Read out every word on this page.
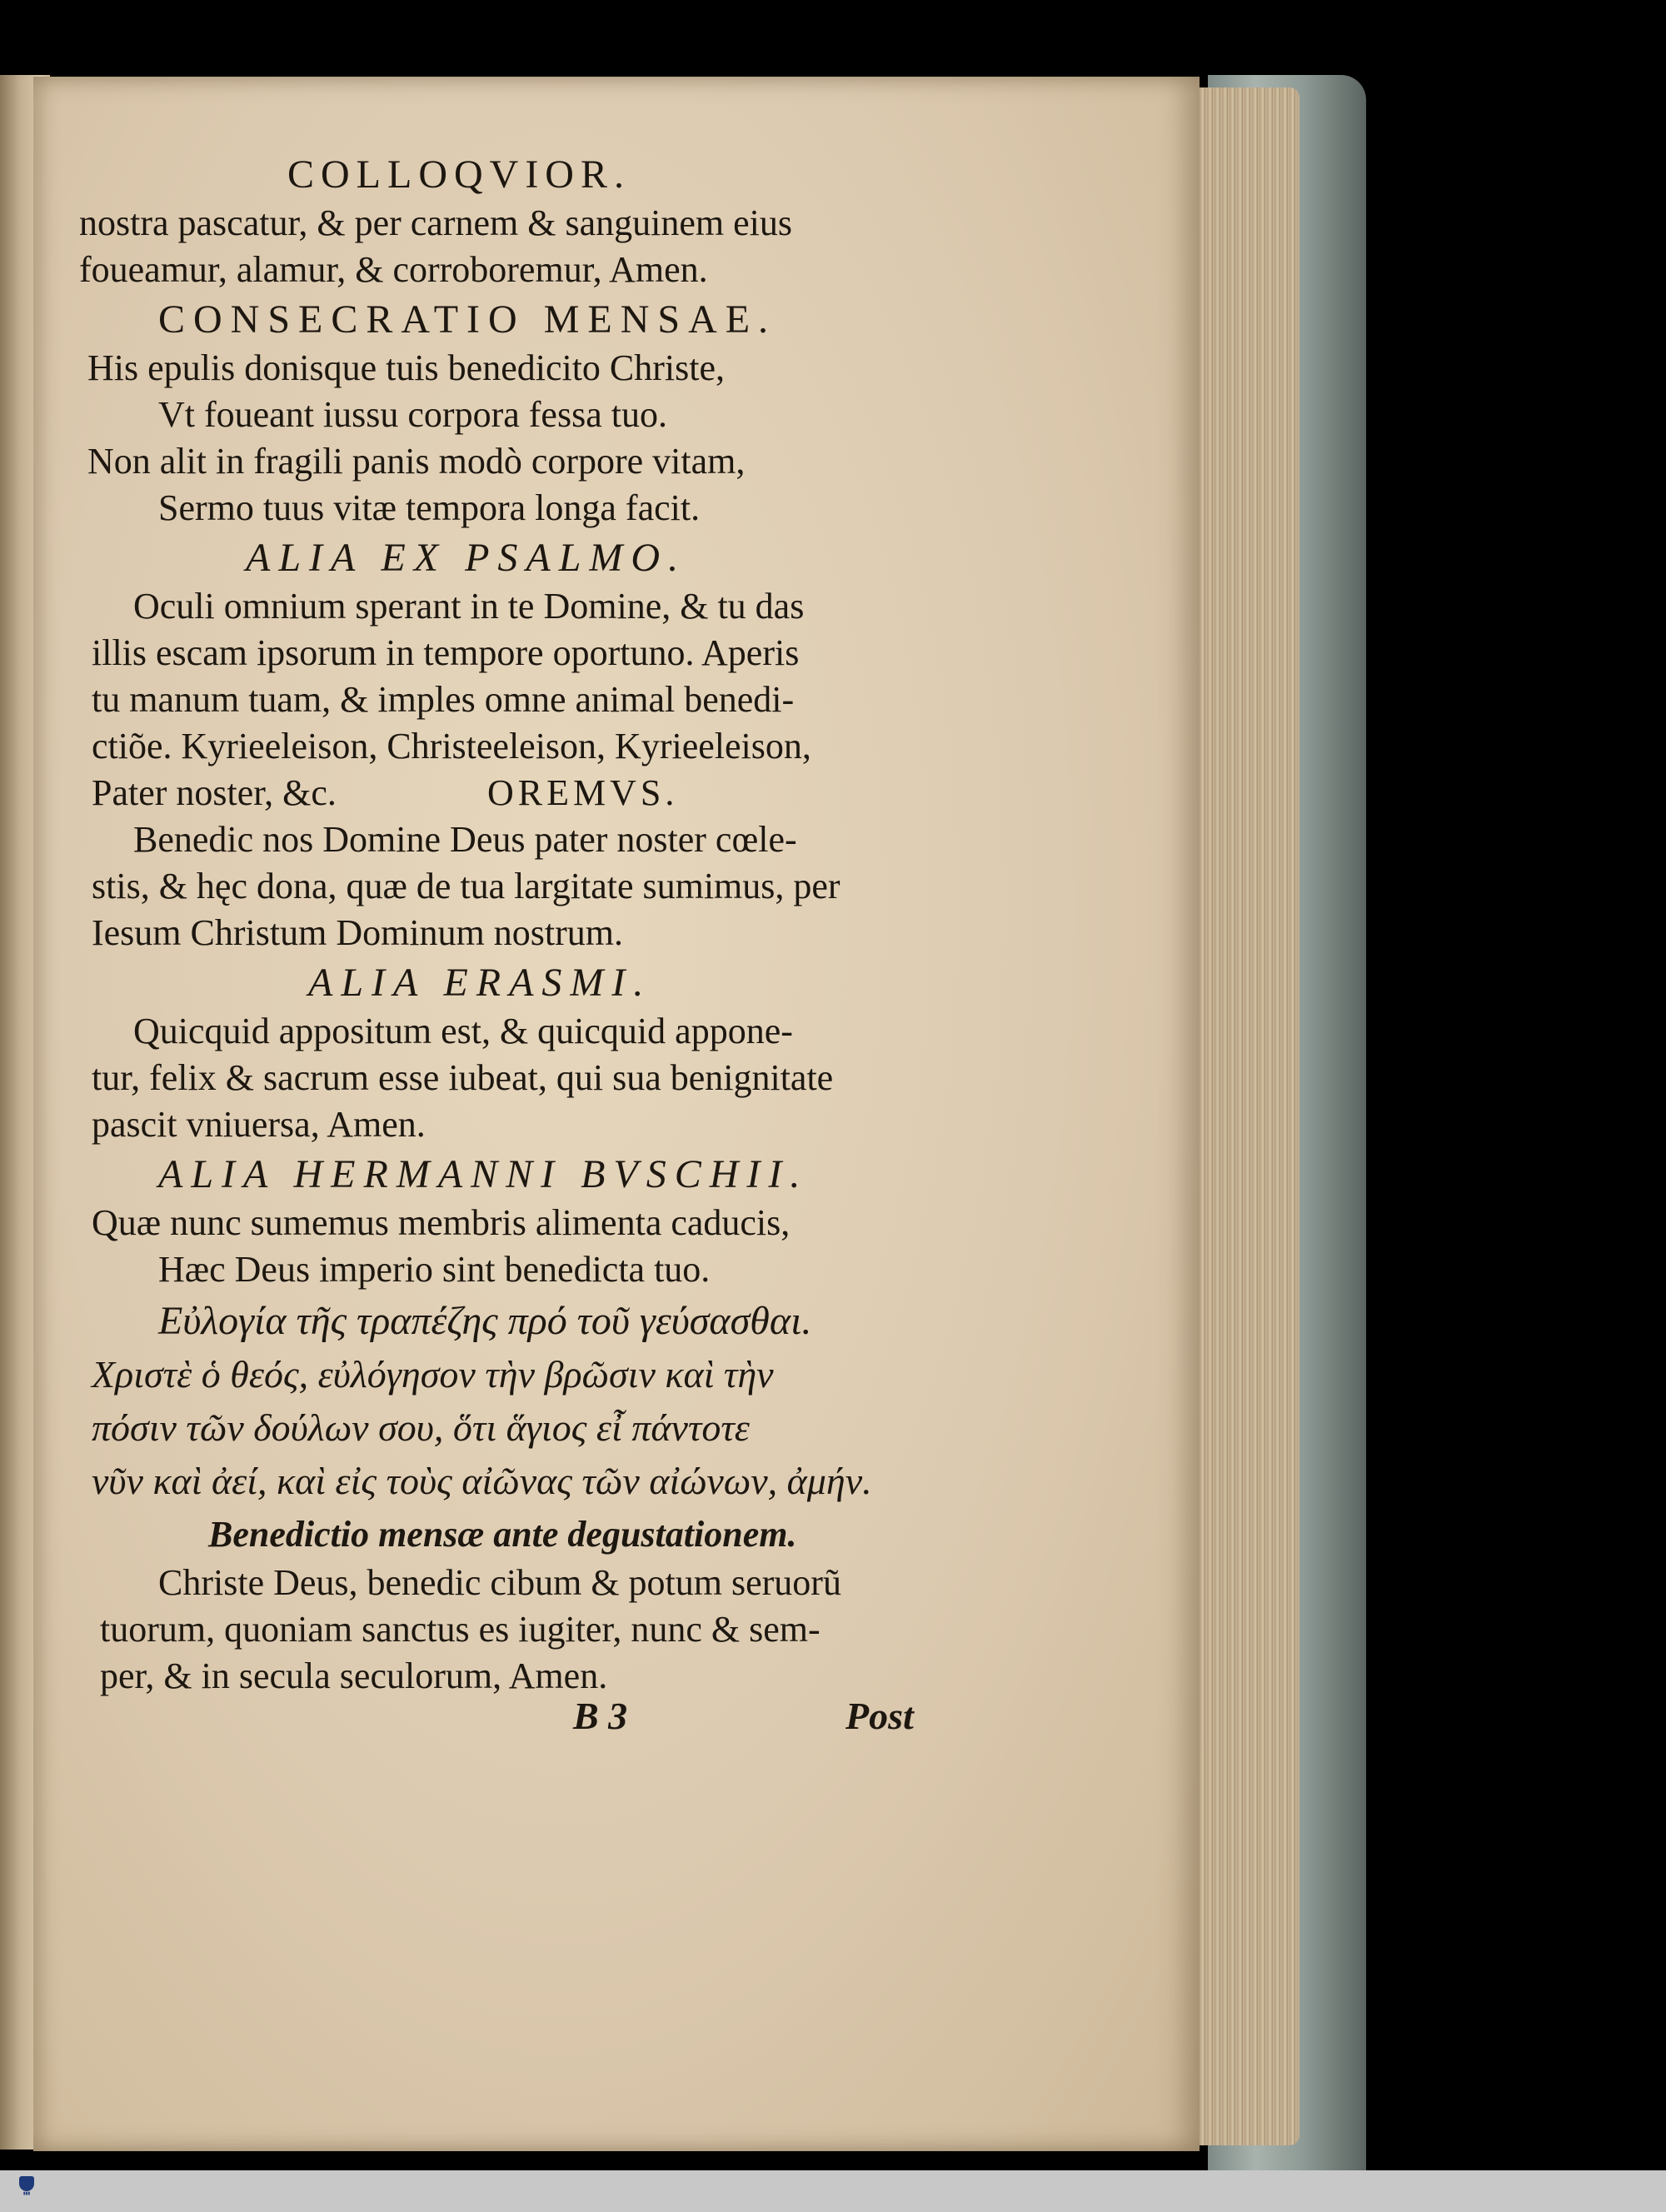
COLLOQVIOR.
nostra pascatur, & per carnem & sanguinem eius
foueamur, alamur, & corroboremur, Amen.
CONSECRATIO MENSAE.
His epulis donisque tuis benedicito Christe,
Vt foueant iussu corpora fessa tuo.
Non alit in fragili panis modò corpore vitam,
Sermo tuus vitæ tempora longa facit.
ALIA EX PSALMO.
Oculi omnium sperant in te Domine, & tu das
illis escam ipsorum in tempore oportuno. Aperis
tu manum tuam, & imples omne animal benedi-
ctiõe. Kyrieeleison, Christeeleison, Kyrieeleison,
Pater noster, &c.	OREMVS.
Benedic nos Domine Deus pater noster cœle-
stis, & hęc dona, quæ de tua largitate sumimus, per
Iesum Christum Dominum nostrum.
ALIA ERASMI.
Quicquid appositum est, & quicquid appone-
tur, felix & sacrum esse iubeat, qui sua benignitate
pascit vniuersa, Amen.
ALIA HERMANNI BVSCHII.
Quæ nunc sumemus membris alimenta caducis,
Hæc Deus imperio sint benedicta tuo.
Εὐλογία τῆς τραπέζης πρό τοῦ γεύσασθαι.
Χριστὲ ὁ θεός, εὐλόγησον τὴν βρῶσιν καὶ τὴν
πόσιν τῶν δούλων σου, ὅτι ἅγιος εἶ πάντοτε
νῦν καὶ ἀεί, καὶ εἰς τοὺς αἰῶνας τῶν αἰώνων, ἀμήν.
Benedictio mensæ ante degustationem.
Christe Deus, benedic cibum & potum seruorũ
tuorum, quoniam sanctus es iugiter, nunc & sem-
per, & in secula seculorum, Amen.
B 3	Post
▮▮▮
